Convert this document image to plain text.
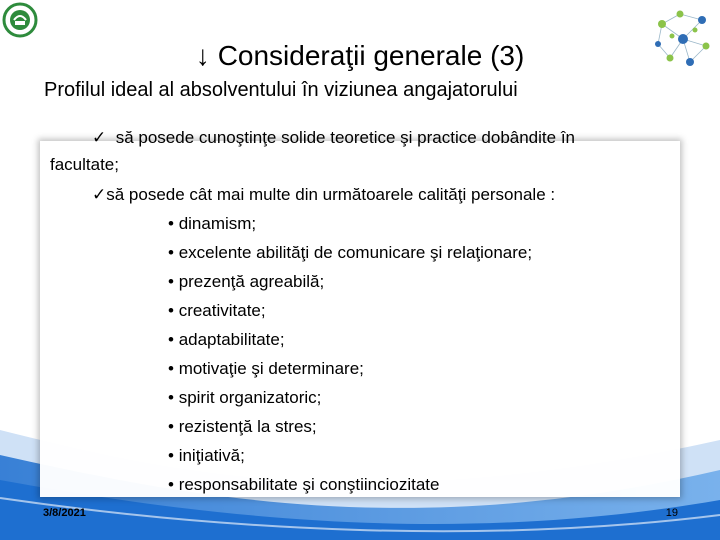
↓ Consideraţii generale (3)
Profilul ideal al absolventului în viziunea angajatorului
✓ să posede cunoştinţe solide teoretice şi practice dobândite în
facultate;
✓să posede cât mai multe din următoarele calităţi personale :
• dinamism;
• excelente abilităţi de comunicare şi relaţionare;
• prezenţă agreabilă;
• creativitate;
• adaptabilitate;
• motivaţie şi determinare;
• spirit organizatoric;
• rezistenţă la stres;
• iniţiativă;
• responsabilitate şi conştiinciozitate
3/8/2021	19
